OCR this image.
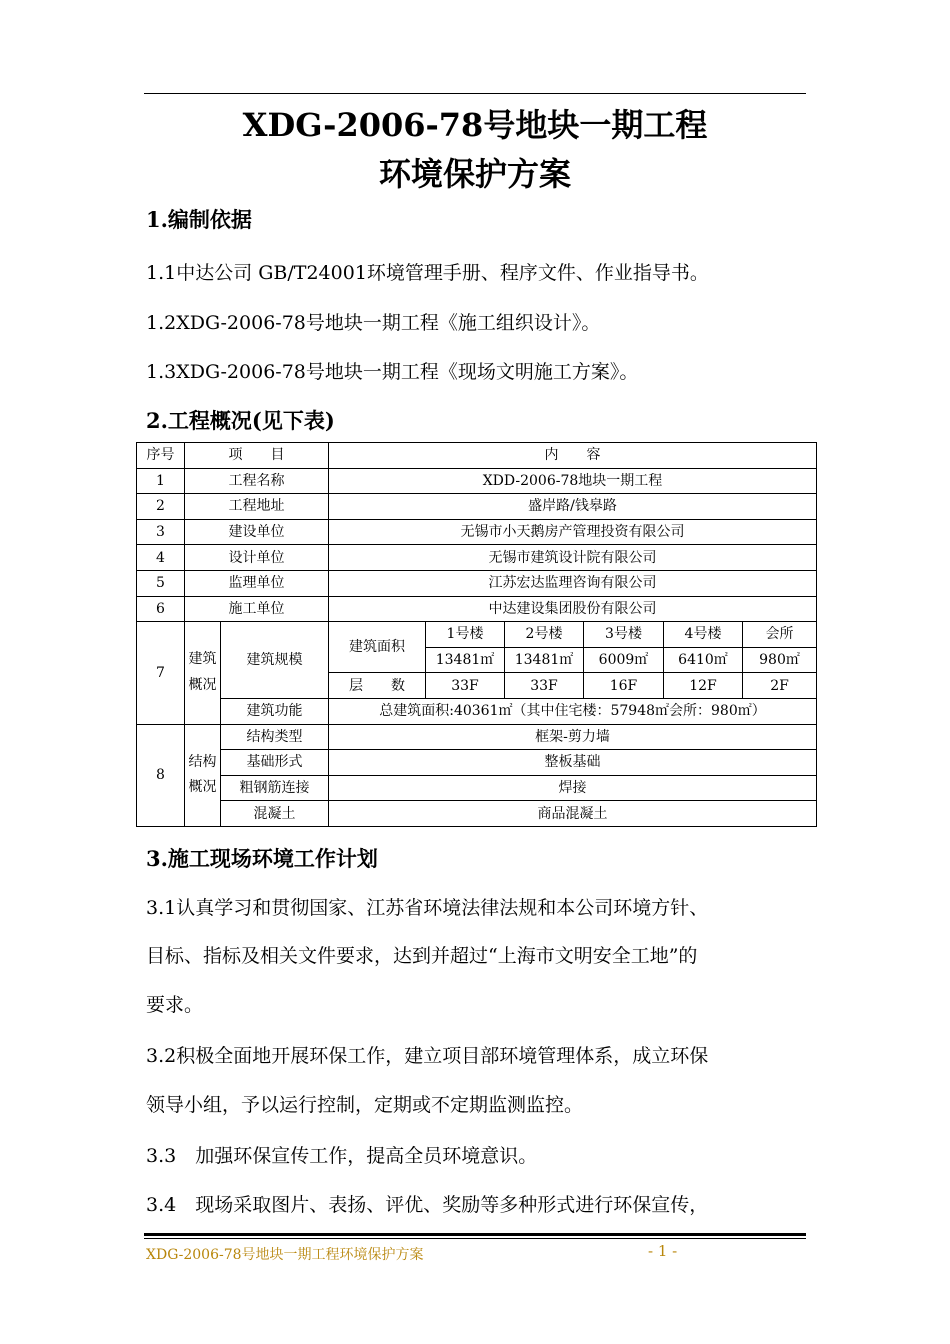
XDG-2006-78号地块一期工程
环境保护方案
1.编制依据
1.1中达公司 GB/T24001环境管理手册、程序文件、作业指导书。
1.2XDG-2006-78号地块一期工程《施工组织设计》。
1.3XDG-2006-78号地块一期工程《现场文明施工方案》。
2.工程概况(见下表)
序号	项　　目		内　　容					
1	工程名称		XDD-2006-78地块一期工程					
2	工程地址		盛岸路/钱皋路					
3	建设单位		无锡市小天鹅房产管理投资有限公司					
4	设计单位		无锡市建筑设计院有限公司					
5	监理单位		江苏宏达监理咨询有限公司					
6	施工单位		中达建设集团股份有限公司					
7	建筑概况	建筑规模	建筑面积	1号楼	2号楼	3号楼	4号楼	会所
				13481㎡	13481㎡	6009㎡	6410㎡	980㎡
			层　　数	33F	33F	16F	12F	2F
		建筑功能	总建筑面积:40361㎡（其中住宅楼：57948㎡会所：980㎡）					
8	结构概况	结构类型	框架-剪力墙					
		基础形式	整板基础					
		粗钢筋连接	焊接					
		混凝土	商品混凝土					
3.施工现场环境工作计划
3.1认真学习和贯彻国家、江苏省环境法律法规和本公司环境方针、
目标、指标及相关文件要求，达到并超过“上海市文明安全工地”的
要求。
3.2积极全面地开展环保工作，建立项目部环境管理体系，成立环保
领导小组，予以运行控制，定期或不定期监测监控。
3.3　加强环保宣传工作，提高全员环境意识。
3.4　现场采取图片、表扬、评优、奖励等多种形式进行环保宣传，
XDG-2006-78号地块一期工程环境保护方案	- 1 -
